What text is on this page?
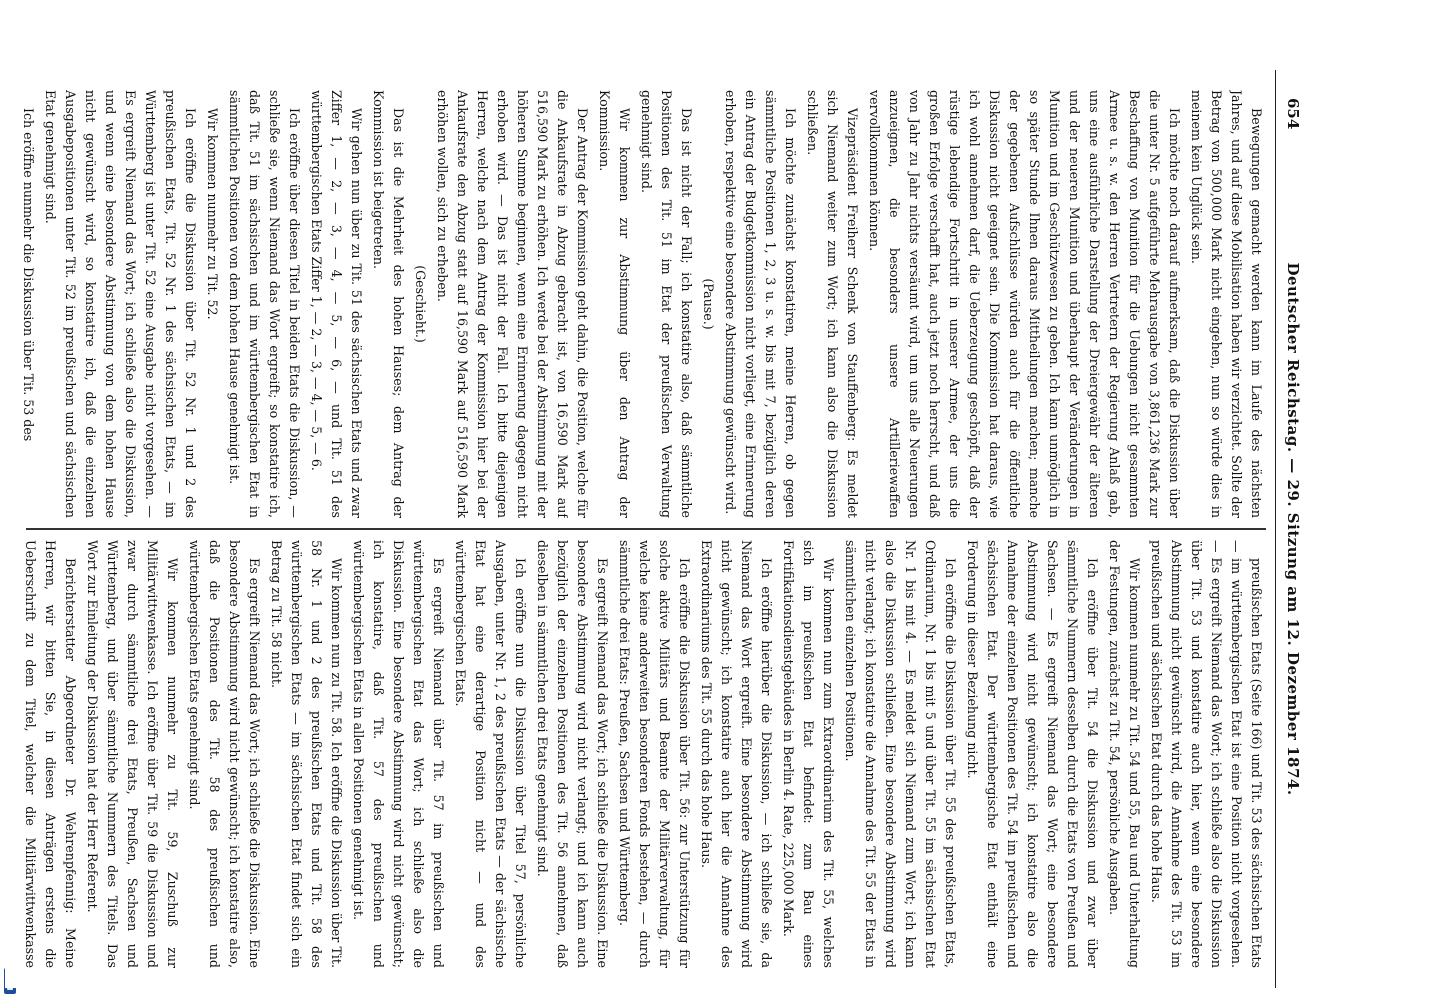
654
Deutscher Reichstag. — 29. Sitzung am 12. Dezember 1874.

Bewegungen gemacht werden kann im Laufe des nächsten Jahres, und auf diese Mobilisation haben wir verzichtet. Sollte der Betrag von 500,000 Mark nicht eingehen, nun so würde dies in meinem kein Unglück sein.

Ich möchte noch darauf aufmerksam, daß die Diskussion über die unter Nr. 5 aufgeführte Mehrausgabe von 3,861,236 Mark zur Beschaffung von Munition für die Uebungen nicht gesammten Armee u. s. w. den Herren Vertretern der Regierung Anlaß gab, uns eine ausführliche Darstellung der Dreiergewähr der älteren und der neueren Munition und überhaupt der Veränderungen in Munition und im Geschützwesen zu geben. Ich kann unmöglich in so später Stunde Ihnen daraus Mittheilungen machen; manche der gegebenen Aufschlüsse würden auch für die öffentliche Diskussion nicht geeignet sein. Die Kommission hat daraus, wie ich wohl annehmen darf, die Ueberzeugung geschöpft, daß der rüstige lebendige Fortschritt in unserer Armee, der uns die großen Erfolge verschafft hat, auch jetzt noch herrscht, und daß von Jahr zu Jahr nichts versäumt wird, um uns alle Neuerungen anzueignen, die besonders unsere Artilleriewaffen vervollkommnen können.

Vizepräsident Freiherr Schenk von Stauffenberg: Es meldet sich Niemand weiter zum Wort; ich kann also die Diskussion schließen.

Ich möchte zunächst konstatiren, meine Herren, ob gegen sämmtliche Positionen 1, 2, 3 u. s. w. bis mit 7, bezüglich deren ein Antrag der Budgetkommission nicht vorliegt, eine Erinnerung erhoben, respektive eine besondere Abstimmung gewünscht wird.

(Pause.)

Das ist nicht der Fall; ich konstatire also, daß sämmtliche Positionen des Tit. 51 im Etat der preußischen Verwaltung genehmigt sind.

Wir kommen zur Abstimmung über den Antrag der Kommission.

Der Antrag der Kommission geht dahin, die Position, welche für die Ankaufsrate in Abzug gebracht ist, von 16,590 Mark auf 516,590 Mark zu erhöhen. Ich werde bei der Abstimmung mit der höheren Summe beginnen, wenn eine Erinnerung dagegen nicht erhoben wird. — Das ist nicht der Fall. Ich bitte diejenigen Herren, welche nach dem Antrag der Kommission hier bei der Ankaufsrate den Abzug statt auf 16,590 Mark auf 516,590 Mark erhöhen wollen, sich zu erheben.

(Geschieht.)

Das ist die Mehrheit des hohen Hauses; dem Antrag der Kommission ist beigetreten.

Wir gehen nun über zu Tit. 51 des sächsischen Etats und zwar Ziffer 1, — 2, — 3, — 4, — 5, — 6, — und Tit. 51 des württembergischen Etats Ziffer 1, — 2, — 3, — 4, — 5, — 6.

Ich eröffne über diesen Titel in beiden Etats die Diskussion, — schließe sie, wenn Niemand das Wort ergreift; so konstatire ich, daß Tit. 51 im sächsischen und im württembergischen Etat in sämmtlichen Positionen von dem hohen Hause genehmigt ist.

Wir kommen nunmehr zu Tit. 52.

Ich eröffne die Diskussion über Tit. 52 Nr. 1 und 2 des preußischen Etats, Tit. 52 Nr. 1 des sächsischen Etats, — im Württemberg ist unter Tit. 52 eine Ausgabe nicht vorgesehen. — Es ergreift Niemand das Wort; ich schließe also die Diskussion, und wenn eine besondere Abstimmung von dem hohen Hause nicht gewünscht wird, so konstatire ich, daß die einzelnen Ausgabepositionen unter Tit. 52 im preußischen und sächsischen Etat genehmigt sind.

Ich eröffne nunmehr die Diskussion über Tit. 53 des

preußischen Etats (Seite 166) und Tit. 53 des sächsischen Etats — im württembergischen Etat ist eine Position nicht vorgesehen. — Es ergreift Niemand das Wort; ich schließe also die Diskussion über Tit. 53 und konstatire auch hier, wenn eine besondere Abstimmung nicht gewünscht wird, die Annahme des Tit. 53 im preußischen und sächsischen Etat durch das hohe Haus.

Wir kommen nunmehr zu Tit. 54 und 55, Bau und Unterhaltung der Festungen, zunächst zu Tit. 54, persönliche Ausgaben.

Ich eröffne über Tit. 54 die Diskussion und zwar über sämmtliche Nummern desselben durch die Etats von Preußen und Sachsen. — Es ergreift Niemand das Wort; eine besondere Abstimmung wird nicht gewünscht; ich konstatire also die Annahme der einzelnen Positionen des Tit. 54 im preußischen und sächsischen Etat. Der württembergische Etat enthält eine Forderung in dieser Beziehung nicht.

Ich eröffne die Diskussion über Tit. 55 des preußischen Etats, Ordinarium, Nr. 1 bis mit 5 und über Tit. 55 im sächsischen Etat Nr. 1 bis mit 4. — Es meldet sich Niemand zum Wort; ich kann also die Diskussion schließen. Eine besondere Abstimmung wird nicht verlangt; ich konstatire die Annahme des Tit. 55 der Etats in sämmtlichen einzelnen Positionen.

Wir kommen nun zum Extraordinarium des Tit. 55, welches sich im preußischen Etat befindet: zum Bau eines Fortifikationsdienstgebäudes in Berlin 4. Rate, 225,000 Mark.

Ich eröffne hierüber die Diskussion, — ich schließe sie, da Niemand das Wort ergreift. Eine besondere Abstimmung wird nicht gewünscht; ich konstatire auch hier die Annahme des Extraordinariums des Tit. 55 durch das hohe Haus.

Ich eröffne die Diskussion über Tit. 56: zur Unterstützung für solche aktive Militärs und Beamte der Militärverwaltung, für welche keine anderweiten besonderen Fonds bestehen, — durch sämmtliche drei Etats: Preußen, Sachsen und Württemberg.

Es ergreift Niemand das Wort; ich schließe die Diskussion. Eine besondere Abstimmung wird nicht verlangt; und ich kann auch bezüglich der einzelnen Positionen des Tit. 56 annehmen, daß dieselben in sämmtlichen drei Etats genehmigt sind.

Ich eröffne nun die Diskussion über Titel 57, persönliche Ausgaben, unter Nr. 1, 2 des preußischen Etats — der sächsische Etat hat eine derartige Position nicht — und des württembergischen Etats.

Es ergreift Niemand über Tit. 57 im preußischen und württembergischen Etat das Wort; ich schließe also die Diskussion. Eine besondere Abstimmung wird nicht gewünscht; ich konstatire, daß Tit. 57 des preußischen und württembergischen Etats in allen Positionen genehmigt ist.

Wir kommen nun zu Tit. 58. Ich eröffne die Diskussion über Tit. 58 Nr. 1 und 2 des preußischen Etats und Tit. 58 des württembergischen Etats — im sächsischen Etat findet sich ein Betrag zu Tit. 58 nicht.

Es ergreift Niemand das Wort; ich schließe die Diskussion. Eine besondere Abstimmung wird nicht gewünscht; ich konstatire also, daß die Positionen des Tit. 58 des preußischen und württembergischen Etats genehmigt sind.

Wir kommen nunmehr zu Tit. 59, Zuschuß zur Militärwittwenkasse. Ich eröffne über Tit. 59 die Diskussion und zwar durch sämmtliche drei Etats, Preußen, Sachsen und Württemberg, und über sämmtliche Nummern des Titels. Das Wort zur Einleitung der Diskussion hat der Herr Referent.

Berichterstatter Abgeordneter Dr. Wehrenpfennig: Meine Herren, wir bitten Sie, in diesen Anträgen erstens die Ueberschrift zu dem Titel, welcher die Militärwittwenkasse
